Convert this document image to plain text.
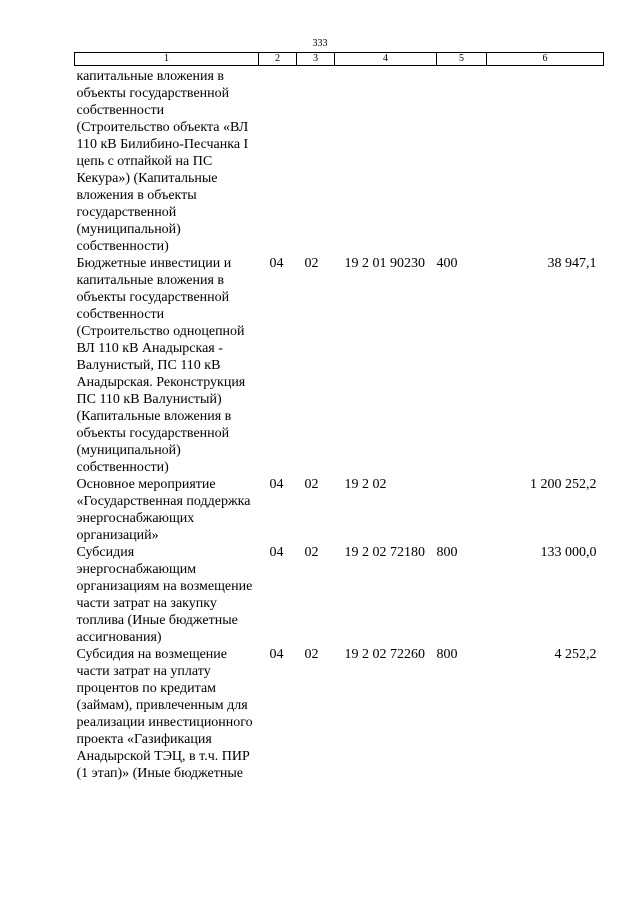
333
1	2	3	4	5	6
капитальные вложения в объекты государственной собственности (Строительство объекта «ВЛ 110 кВ Билибино-Песчанка I цепь с отпайкой на ПС Кекура») (Капитальные вложения в объекты государственной (муниципальной) собственности)					
Бюджетные инвестиции и капитальные вложения в объекты государственной собственности (Строительство одноцепной ВЛ 110 кВ Анадырская - Валунистый, ПС 110 кВ Анадырская. Реконструкция ПС 110 кВ Валунистый) (Капитальные вложения в объекты государственной (муниципальной) собственности)	04	02	19 2 01 90230	400	38 947,1
Основное мероприятие «Государственная поддержка энергоснабжающих организаций»	04	02	19 2 02		1 200 252,2
Субсидия энергоснабжающим организациям на возмещение части затрат на закупку топлива (Иные бюджетные ассигнования)	04	02	19 2 02 72180	800	133 000,0
Субсидия на возмещение части затрат на уплату процентов по кредитам (займам), привлеченным для реализации инвестиционного проекта «Газификация Анадырской ТЭЦ, в т.ч. ПИР (1 этап)» (Иные бюджетные	04	02	19 2 02 72260	800	4 252,2
